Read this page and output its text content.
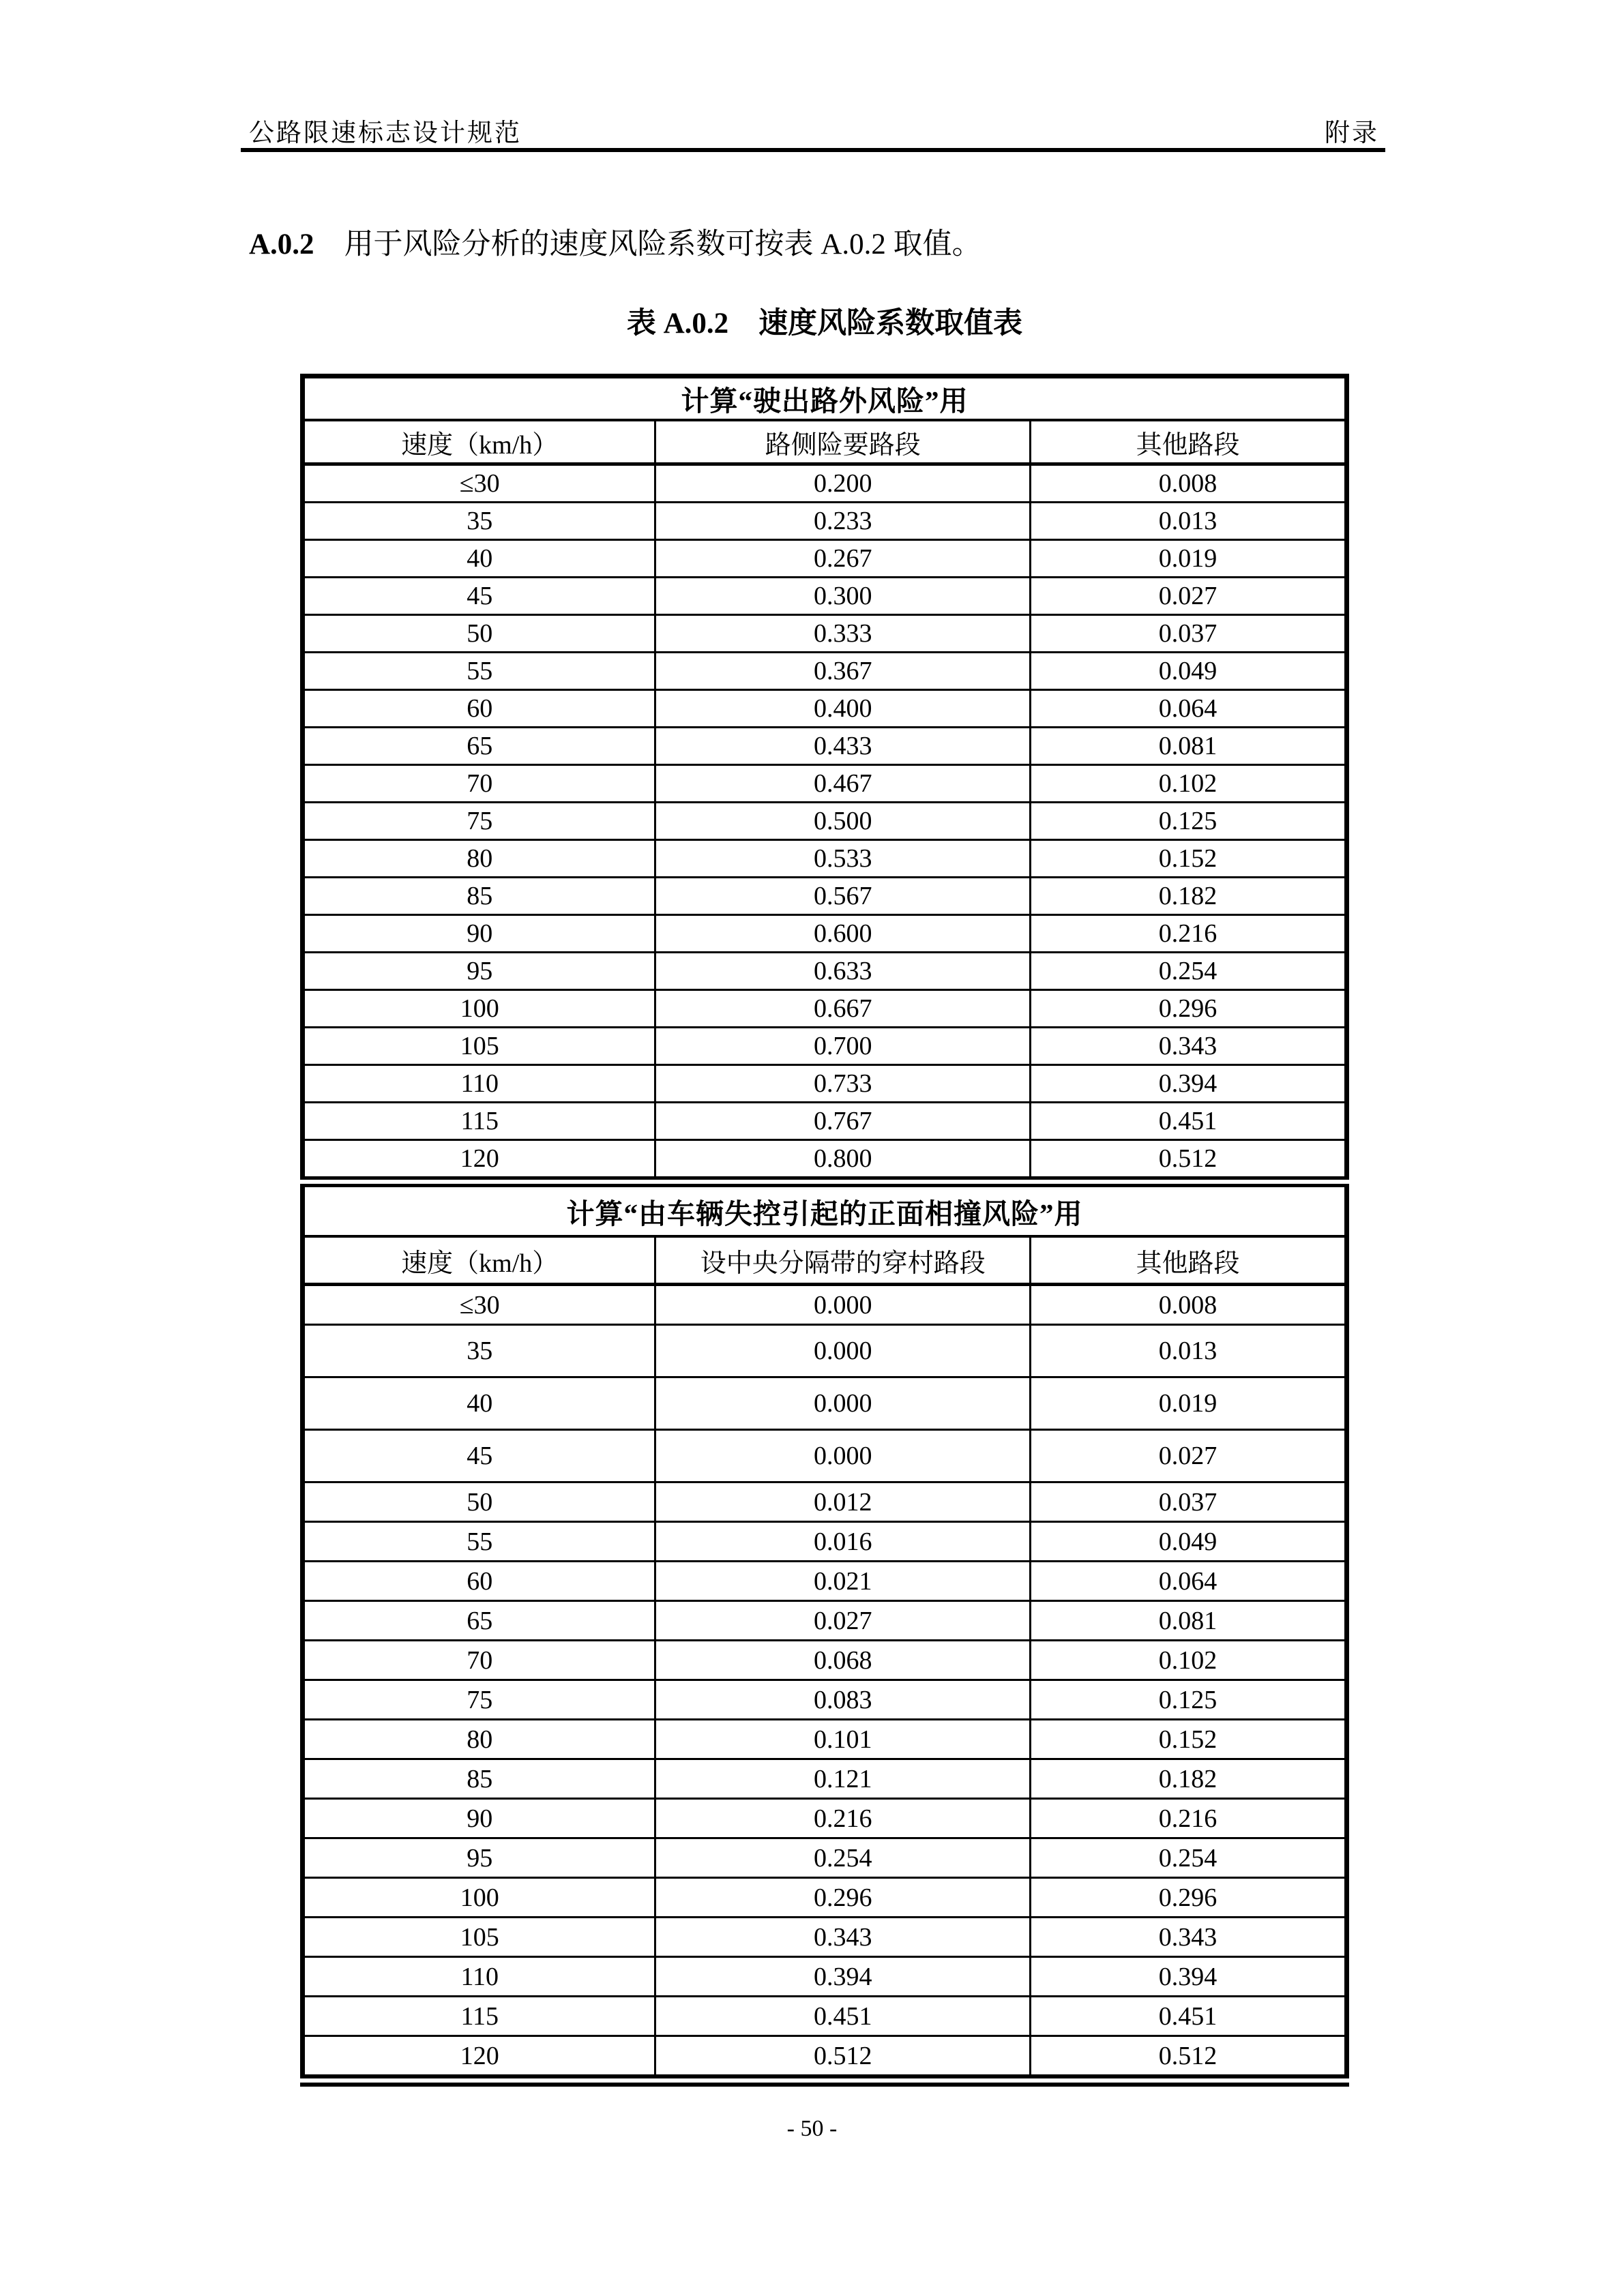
公路限速标志设计规范	附录
A.0.2 用于风险分析的速度风险系数可按表 A.0.2 取值。
表 A.0.2 速度风险系数取值表
计算“驶出路外风险”用		
速度（km/h）	路侧险要路段	其他路段
≤30	0.200	0.008
35	0.233	0.013
40	0.267	0.019
45	0.300	0.027
50	0.333	0.037
55	0.367	0.049
60	0.400	0.064
65	0.433	0.081
70	0.467	0.102
75	0.500	0.125
80	0.533	0.152
85	0.567	0.182
90	0.600	0.216
95	0.633	0.254
100	0.667	0.296
105	0.700	0.343
110	0.733	0.394
115	0.767	0.451
120	0.800	0.512
计算“由车辆失控引起的正面相撞风险”用		
速度（km/h）	设中央分隔带的穿村路段	其他路段
≤30	0.000	0.008
35	0.000	0.013
40	0.000	0.019
45	0.000	0.027
50	0.012	0.037
55	0.016	0.049
60	0.021	0.064
65	0.027	0.081
70	0.068	0.102
75	0.083	0.125
80	0.101	0.152
85	0.121	0.182
90	0.216	0.216
95	0.254	0.254
100	0.296	0.296
105	0.343	0.343
110	0.394	0.394
115	0.451	0.451
120	0.512	0.512
- 50 -
